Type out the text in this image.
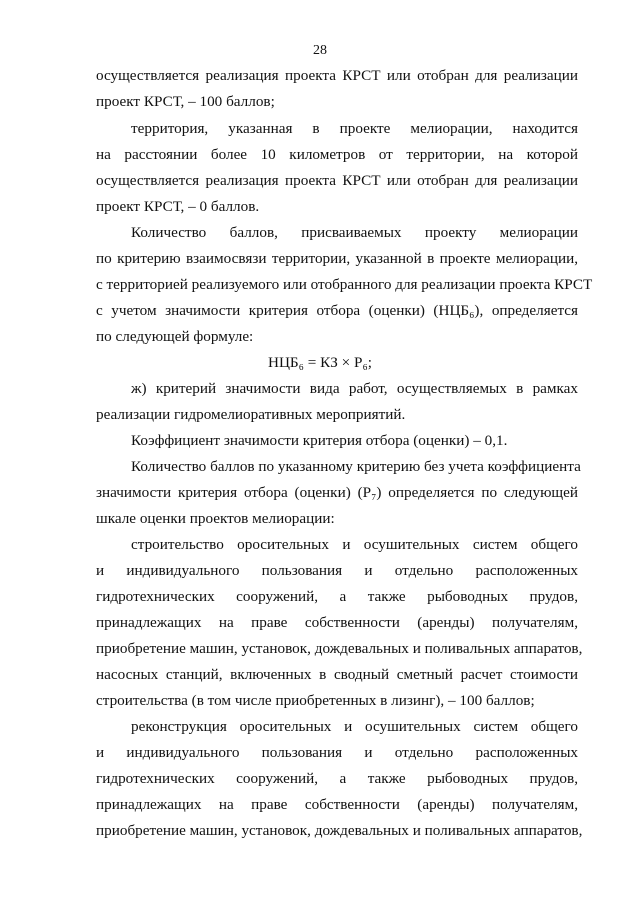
28
осуществляется реализация проекта КРСТ или отобран для реализации
проект КРСТ, – 100 баллов;
территория, указанная в проекте мелиорации, находится
на расстоянии более 10 километров от территории, на которой
осуществляется реализация проекта КРСТ или отобран для реализации
проект КРСТ, – 0 баллов.
Количество баллов, присваиваемых проекту мелиорации
по критерию взаимосвязи территории, указанной в проекте мелиорации,
с территорией реализуемого или отобранного для реализации проекта КРСТ
с учетом значимости критерия отбора (оценки) (НЦБ₆), определяется
по следующей формуле:
НЦБ₆ = КЗ × Р₆;
ж) критерий значимости вида работ, осуществляемых в рамках
реализации гидромелиоративных мероприятий.
Коэффициент значимости критерия отбора (оценки) – 0,1.
Количество баллов по указанному критерию без учета коэффициента
значимости критерия отбора (оценки) (Р₇) определяется по следующей
шкале оценки проектов мелиорации:
строительство оросительных и осушительных систем общего
и индивидуального пользования и отдельно расположенных
гидротехнических сооружений, а также рыбоводных прудов,
принадлежащих на праве собственности (аренды) получателям,
приобретение машин, установок, дождевальных и поливальных аппаратов,
насосных станций, включенных в сводный сметный расчет стоимости
строительства (в том числе приобретенных в лизинг), – 100 баллов;
реконструкция оросительных и осушительных систем общего
и индивидуального пользования и отдельно расположенных
гидротехнических сооружений, а также рыбоводных прудов,
принадлежащих на праве собственности (аренды) получателям,
приобретение машин, установок, дождевальных и поливальных аппаратов,
